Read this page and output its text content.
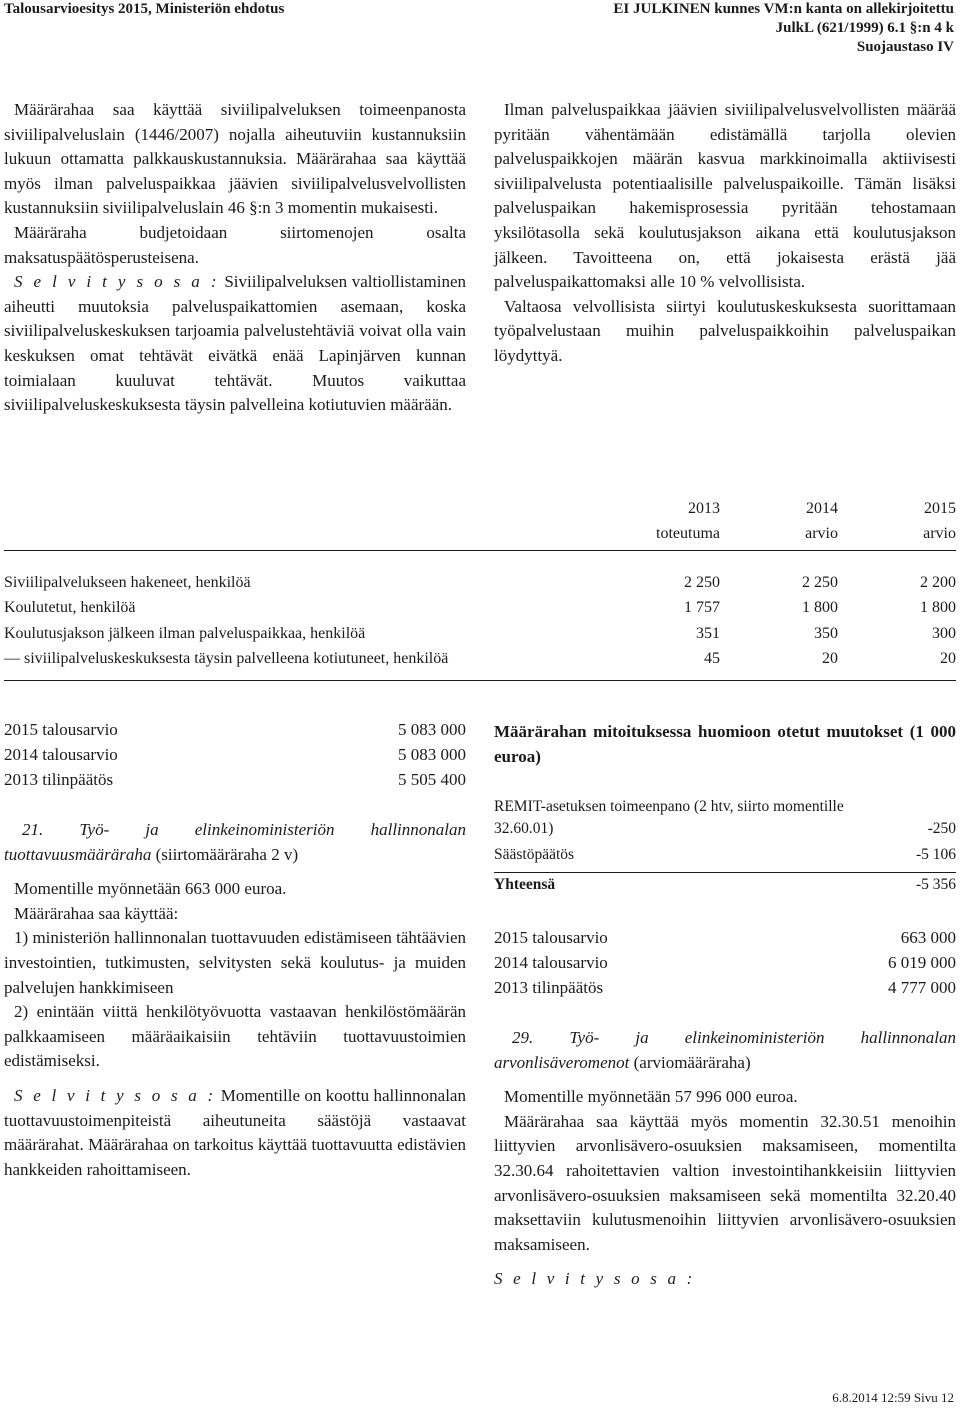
Talousarvioesitys 2015, Ministeriön ehdotus	EI JULKINEN kunnes VM:n kanta on allekirjoitettu
JulkL (621/1999) 6.1 §:n 4 k
Suojaustaso IV

Määrärahaa saa käyttää siviilipalveluksen toimeenpanosta siviilipalveluslain (1446/2007) nojalla aiheutuviin kustannuksiin lukuun ottamatta palkkauskustannuksia. Määrärahaa saa käyttää myös ilman palveluspaikkaa jäävien siviilipalvelusvelvollisten kustannuksiin siviilipalveluslain 46 §:n 3 momentin mukaisesti.

Määräraha budjetoidaan siirtomenojen osalta maksatuspäätösperusteisena.

S e l v i t y s o s a : Siviilipalveluksen valtiollistaminen aiheutti muutoksia palveluspaikattomien asemaan, koska siviilipalveluskeskuksen tarjoamia palvelustehtäviä voivat olla vain keskuksen omat tehtävät eivätkä enää Lapinjärven kunnan toimialaan kuuluvat tehtävät. Muutos vaikuttaa siviilipalveluskeskuksesta täysin palvelleina kotiutuvien määrään.

Ilman palveluspaikkaa jäävien siviilipalvelusvelvollisten määrää pyritään vähentämään edistämällä tarjolla olevien palveluspaikkojen määrän kasvua markkinoimalla aktiivisesti siviilipalvelusta potentiaalisille palveluspaikoille. Tämän lisäksi palveluspaikan hakemisprosessia pyritään tehostamaan yksilötasolla sekä koulutusjakson aikana että koulutusjakson jälkeen. Tavoitteena on, että jokaisesta erästä jää palveluspaikattomaksi alle 10 % velvollisista.

Valtaosa velvollisista siirtyi koulutuskeskuksesta suorittamaan työpalvelustaan muihin palveluspaikkoihin palveluspaikan löydyttyä.

	2013	2014	2015
	toteutuma	arvio	arvio
Siviilipalvelukseen hakeneet, henkilöä	2 250	2 250	2 200
Koulutetut, henkilöä	1 757	1 800	1 800
Koulutusjakson jälkeen ilman palveluspaikkaa, henkilöä	351	350	300
— siviilipalveluskeskuksesta täysin palvelleena kotiutuneet, henkilöä	45	20	20
2015 talousarvio	5 083 000
2014 talousarvio	5 083 000
2013 tilinpäätös	5 505 400

21. Työ- ja elinkeinoministeriön hallinnonalan tuottavuusmääräraha (siirtomääräraha 2 v)

Momentille myönnetään 663 000 euroa.

Määrärahaa saa käyttää:

1) ministeriön hallinnonalan tuottavuuden edistämiseen tähtäävien investointien, tutkimusten, selvitysten sekä koulutus- ja muiden palvelujen hankkimiseen

2) enintään viittä henkilötyövuotta vastaavan henkilöstömäärän palkkaamiseen määräaikaisiin tehtäviin tuottavuustoimien edistämiseksi.

S e l v i t y s o s a : Momentille on koottu hallinnonalan tuottavuustoimenpiteistä aiheutuneita säästöjä vastaavat määrärahat. Määrärahaa on tarkoitus käyttää tuottavuutta edistävien hankkeiden rahoittamiseen.

Määrärahan mitoituksessa huomioon otetut muutokset (1 000 euroa)
REMIT-asetuksen toimeenpano (2 htv, siirto momentille 32.60.01)	-250
Säästöpäätös	-5 106
Yhteensä	-5 356
2015 talousarvio	663 000
2014 talousarvio	6 019 000
2013 tilinpäätös	4 777 000

29. Työ- ja elinkeinoministeriön hallinnonalan arvonlisäveromenot (arviomääräraha)

Momentille myönnetään 57 996 000 euroa.

Määrärahaa saa käyttää myös momentin 32.30.51 menoihin liittyvien arvonlisävero-osuuksien maksamiseen, momentilta 32.30.64 rahoitettavien valtion investointihankkeisiin liittyvien arvonlisävero-osuuksien maksamiseen sekä momentilta 32.20.40 maksettaviin kulutusmenoihin liittyvien arvonlisävero-osuuksien maksamiseen.

S e l v i t y s o s a :

6.8.2014 12:59 Sivu 12
